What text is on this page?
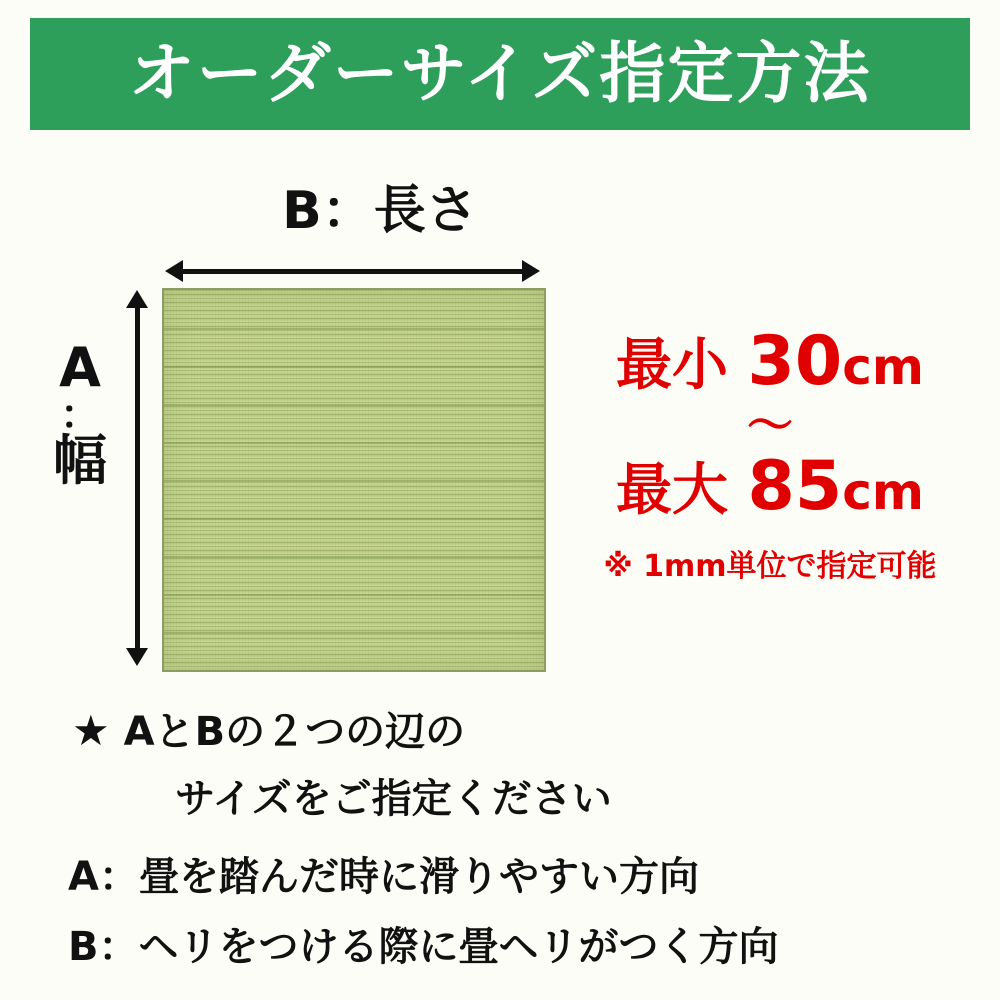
オーダーサイズ指定方法
B：長さ
A
：
幅
最小 30cm
〜
最大 85cm
※ 1mm単位で指定可能
★ AとBの２つの辺の
サイズをご指定ください
A：畳を踏んだ時に滑りやすい方向
B：ヘリをつける際に畳ヘリがつく方向
